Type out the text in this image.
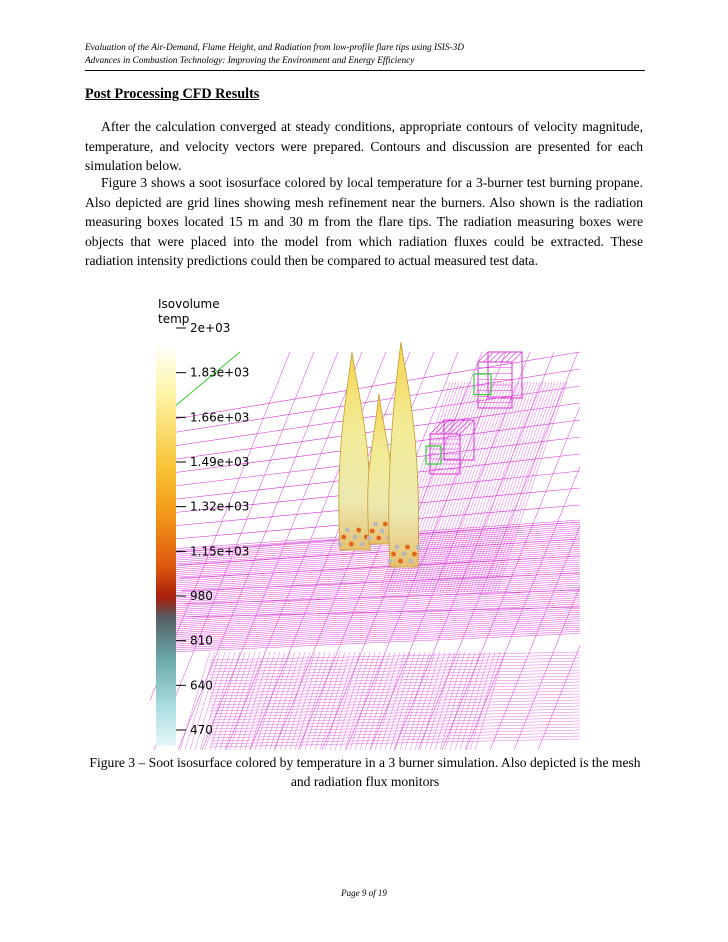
Evaluation of the Air-Demand, Flame Height, and Radiation from low-profile flare tips using ISIS-3D
Advances in Combustion Technology: Improving the Environment and Energy Efficiency
Post Processing CFD Results

After the calculation converged at steady conditions, appropriate contours of velocity magnitude, temperature, and velocity vectors were prepared. Contours and discussion are presented for each simulation below.

Figure 3 shows a soot isosurface colored by local temperature for a 3-burner test burning propane. Also depicted are grid lines showing mesh refinement near the burners. Also shown is the radiation measuring boxes located 15 m and 30 m from the flare tips. The radiation measuring boxes were objects that were placed into the model from which radiation fluxes could be extracted. These radiation intensity predictions could then be compared to actual measured test data.

Isovolume
temp
2e+03
1.83e+03
1.66e+03
1.49e+03
1.32e+03
1.15e+03
980
810
640
470
Figure 3 – Soot isosurface colored by temperature in a 3 burner simulation. Also depicted is the mesh and radiation flux monitors
Page 9 of 19
